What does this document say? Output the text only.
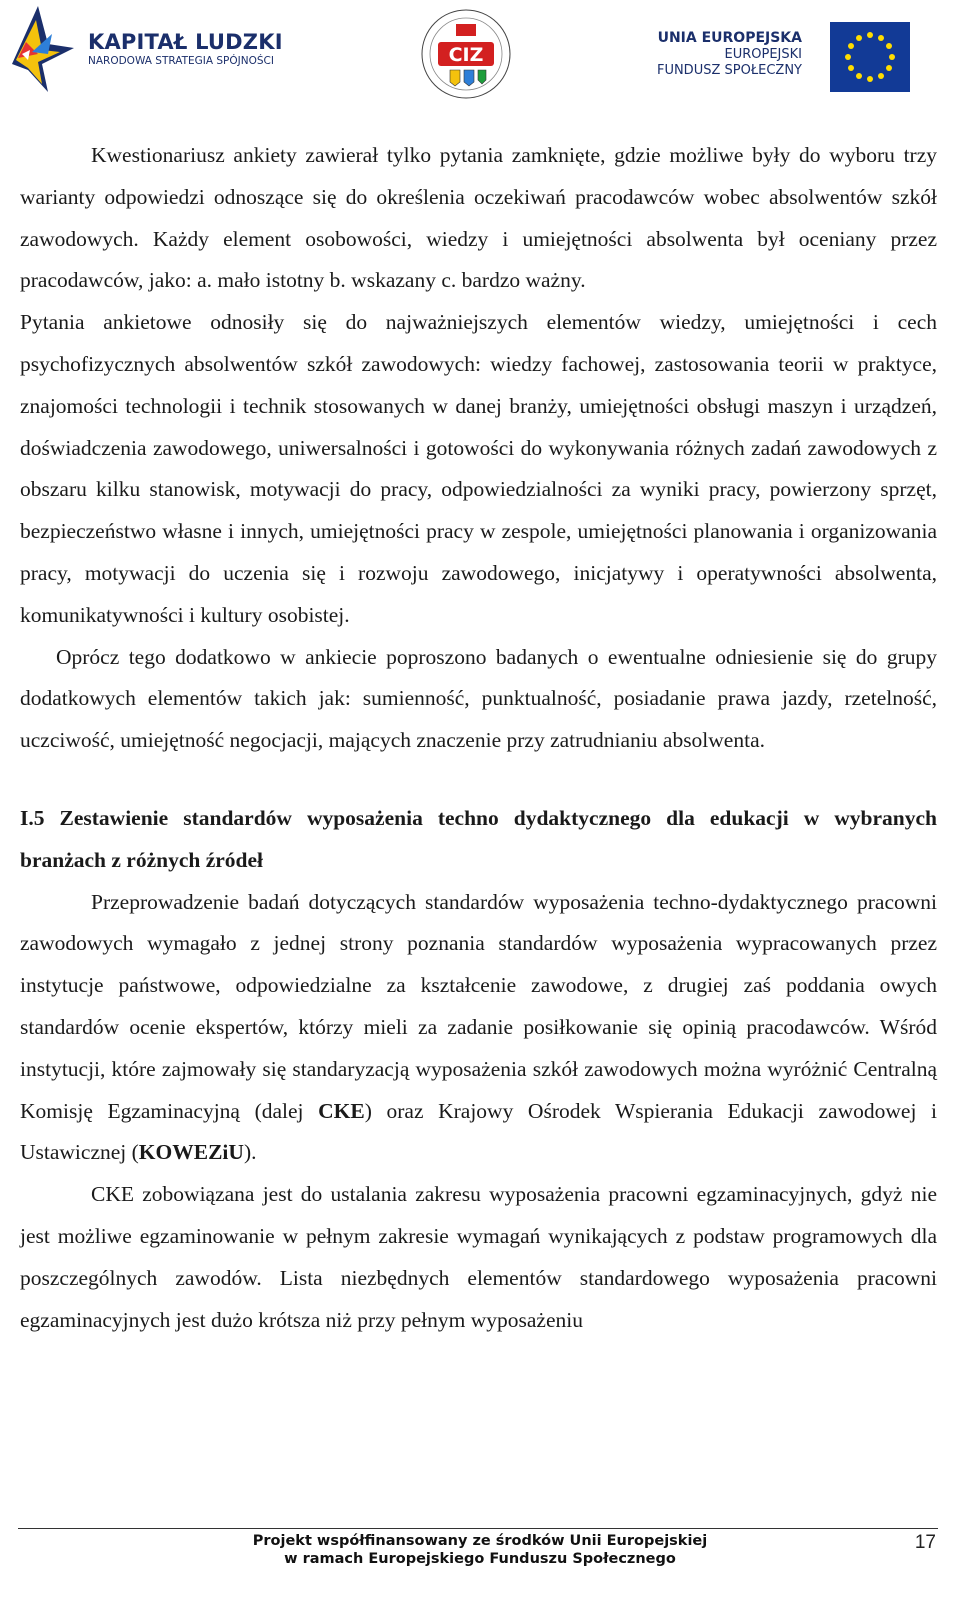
KAPITAŁ LUDZKI
NARODOWA STRATEGIA SPÓJNOŚCI	CIZ
UNIA EUROPEJSKA
EUROPEJSKI
FUNDUSZ SPOŁECZNY

Kwestionariusz ankiety zawierał tylko pytania zamknięte, gdzie możliwe były do wyboru trzy warianty odpowiedzi odnoszące się do określenia oczekiwań pracodawców wobec absolwentów szkół zawodowych. Każdy element osobowości, wiedzy i umiejętności absolwenta był oceniany przez pracodawców, jako: a. mało istotny b. wskazany c. bardzo ważny.

Pytania ankietowe odnosiły się do najważniejszych elementów wiedzy, umiejętności i cech psychofizycznych absolwentów szkół zawodowych: wiedzy fachowej, zastosowania teorii w praktyce, znajomości technologii i technik stosowanych w danej branży, umiejętności obsługi maszyn i urządzeń, doświadczenia zawodowego, uniwersalności i gotowości do wykonywania różnych zadań zawodowych z obszaru kilku stanowisk, motywacji do pracy, odpowiedzialności za wyniki pracy, powierzony sprzęt, bezpieczeństwo własne i innych, umiejętności pracy w zespole, umiejętności planowania i organizowania pracy, motywacji do uczenia się i rozwoju zawodowego, inicjatywy i operatywności absolwenta, komunikatywności i kultury osobistej.

Oprócz tego dodatkowo w ankiecie poproszono badanych o ewentualne odniesienie się do grupy dodatkowych elementów takich jak: sumienność, punktualność, posiadanie prawa jazdy, rzetelność, uczciwość, umiejętność negocjacji, mających znaczenie przy zatrudnianiu absolwenta.

I.5 Zestawienie standardów wyposażenia techno dydaktycznego dla edukacji w wybranych branżach z różnych źródeł

Przeprowadzenie badań dotyczących standardów wyposażenia techno-dydaktycznego pracowni zawodowych wymagało z jednej strony poznania standardów wyposażenia wypracowanych przez instytucje państwowe, odpowiedzialne za kształcenie zawodowe, z drugiej zaś poddania owych standardów ocenie ekspertów, którzy mieli za zadanie posiłkowanie się opinią pracodawców. Wśród instytucji, które zajmowały się standaryzacją wyposażenia szkół zawodowych można wyróżnić Centralną Komisję Egzaminacyjną (dalej CKE) oraz Krajowy Ośrodek Wspierania Edukacji zawodowej i Ustawicznej (KOWEZiU).

CKE zobowiązana jest do ustalania zakresu wyposażenia pracowni egzaminacyjnych, gdyż nie jest możliwe egzaminowanie w pełnym zakresie wymagań wynikających z podstaw programowych dla poszczególnych zawodów. Lista niezbędnych elementów standardowego wyposażenia pracowni egzaminacyjnych jest dużo krótsza niż przy pełnym wyposażeniu

Projekt współfinansowany ze środków Unii Europejskiej
w ramach Europejskiego Funduszu Społecznego
17
